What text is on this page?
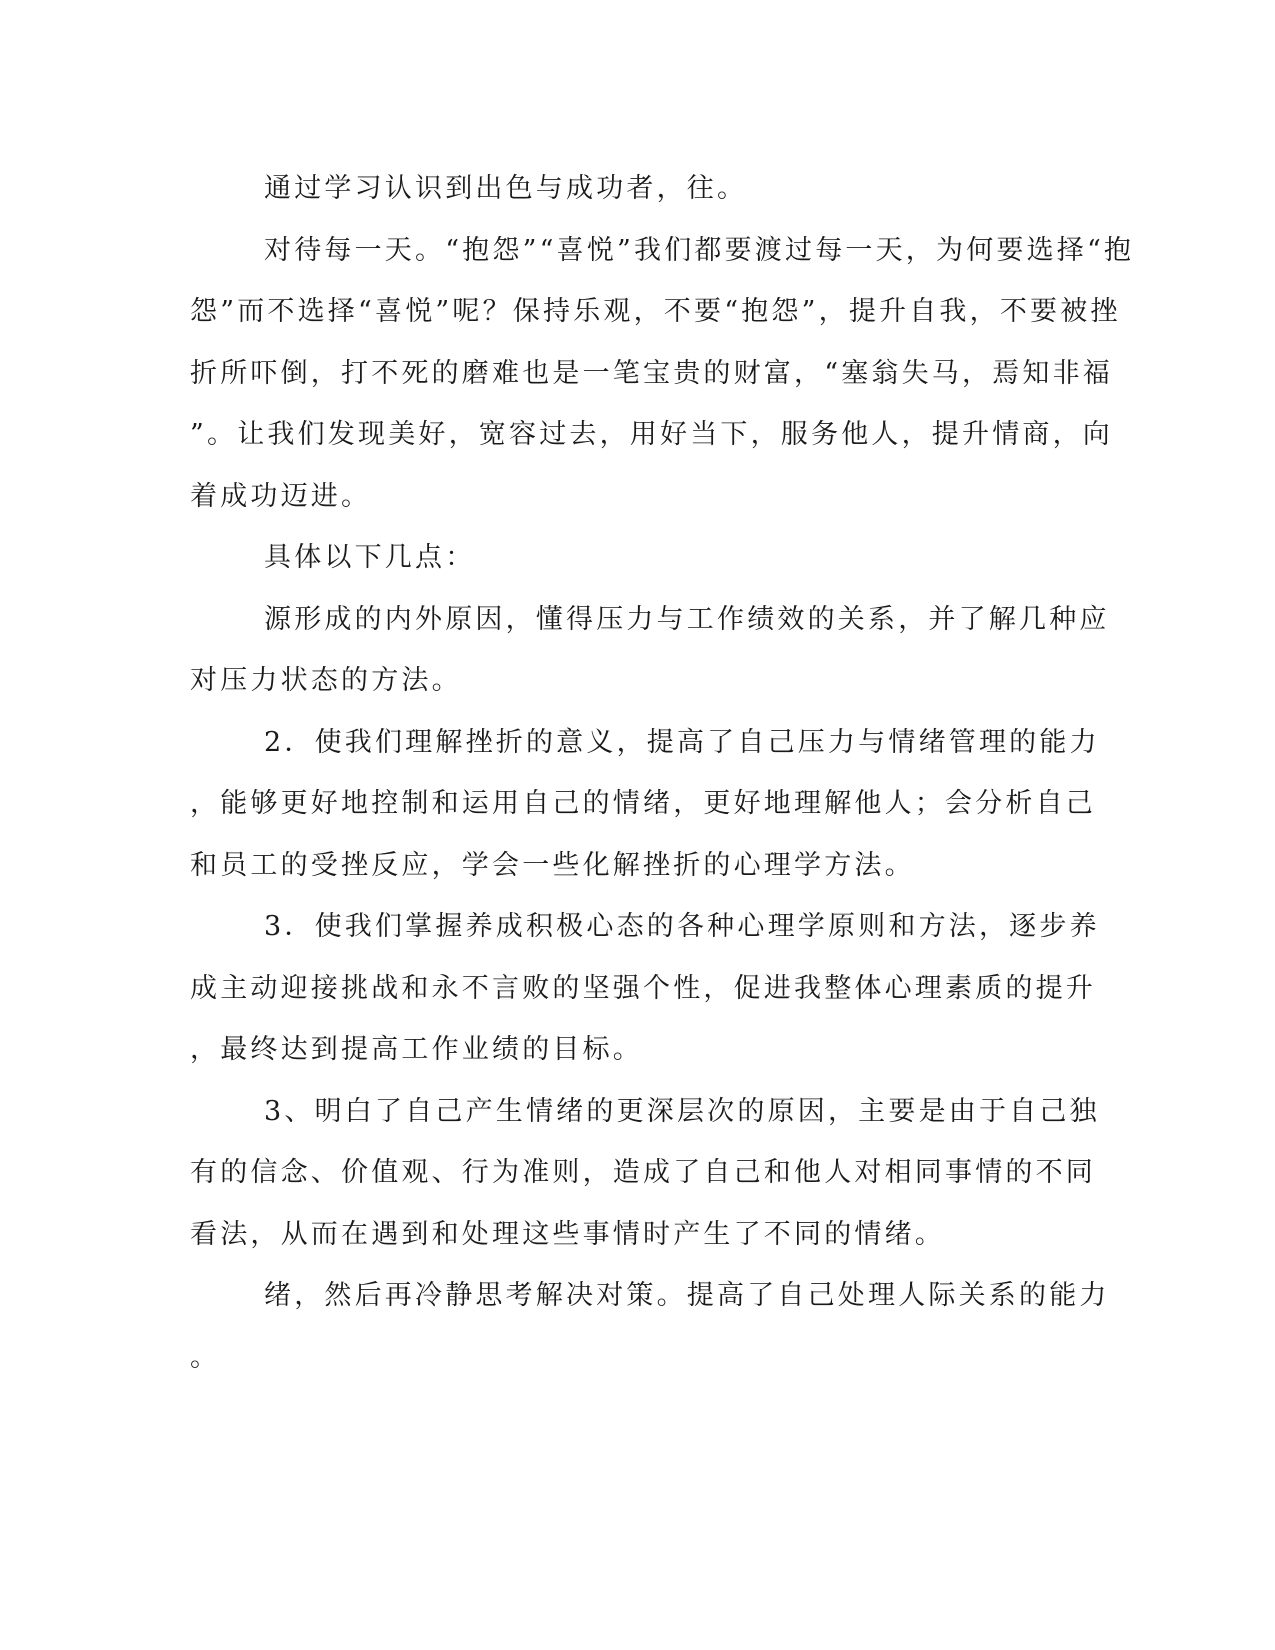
通过学习认识到出色与成功者，往。
对待每一天。“抱怨”“喜悦”我们都要渡过每一天，为何要选择“抱
怨”而不选择“喜悦”呢？保持乐观，不要“抱怨”，提升自我，不要被挫
折所吓倒，打不死的磨难也是一笔宝贵的财富，“塞翁失马，焉知非福
”。让我们发现美好，宽容过去，用好当下，服务他人，提升情商，向
着成功迈进。
具体以下几点：
源形成的内外原因，懂得压力与工作绩效的关系，并了解几种应
对压力状态的方法。
2．使我们理解挫折的意义，提高了自己压力与情绪管理的能力
，能够更好地控制和运用自己的情绪，更好地理解他人；会分析自己
和员工的受挫反应，学会一些化解挫折的心理学方法。
3．使我们掌握养成积极心态的各种心理学原则和方法，逐步养
成主动迎接挑战和永不言败的坚强个性，促进我整体心理素质的提升
，最终达到提高工作业绩的目标。
3、明白了自己产生情绪的更深层次的原因，主要是由于自己独
有的信念、价值观、行为准则，造成了自己和他人对相同事情的不同
看法，从而在遇到和处理这些事情时产生了不同的情绪。
绪，然后再冷静思考解决对策。提高了自己处理人际关系的能力
。
